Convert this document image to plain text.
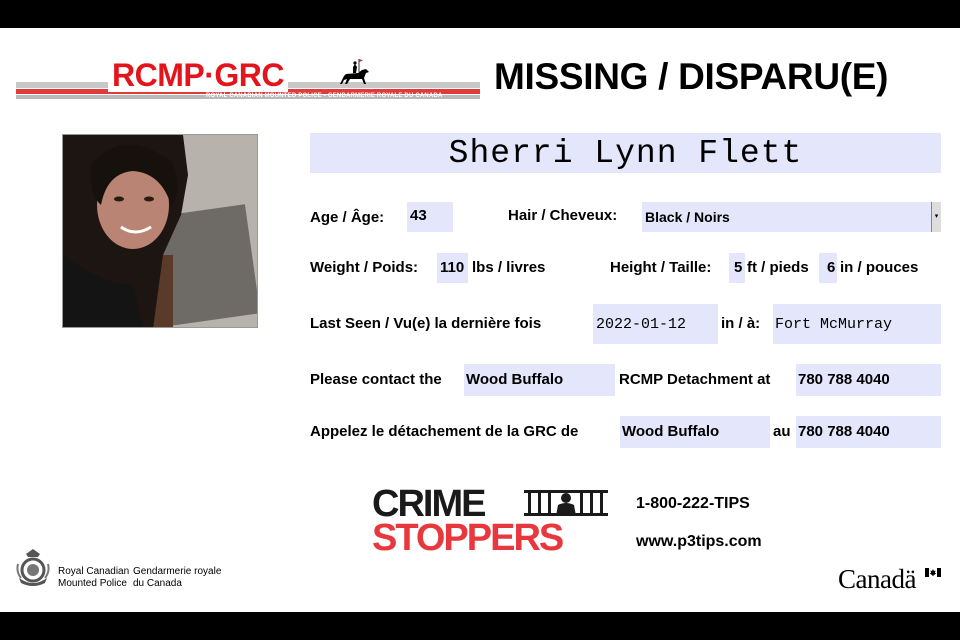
RCMP·GRC
ROYAL CANADIAN MOUNTED POLICE • GENDARMERIE ROYALE DU CANADA MISSING / DISPARU(E)
Sherri Lynn Flett
Age / Âge: 43	Hair / Cheveux: Black / Noirs	▾
Weight / Poids: 110 lbs / livres	Height / Taille: 5 ft / pieds 6 in / pouces
Last Seen / Vu(e) la dernière fois	2022-01-12 in / à: Fort McMurray
Please contact the Wood Buffalo	RCMP Detachment at 780 788 4040
Appelez le détachement de la GRC de	Wood Buffalo	au 780 788 4040
CRIME
STOPPERS
1-800-222-TIPS
www.p3tips.com
Royal Canadian
Mounted Police
Gendarmerie royale
du Canada	Canadä
